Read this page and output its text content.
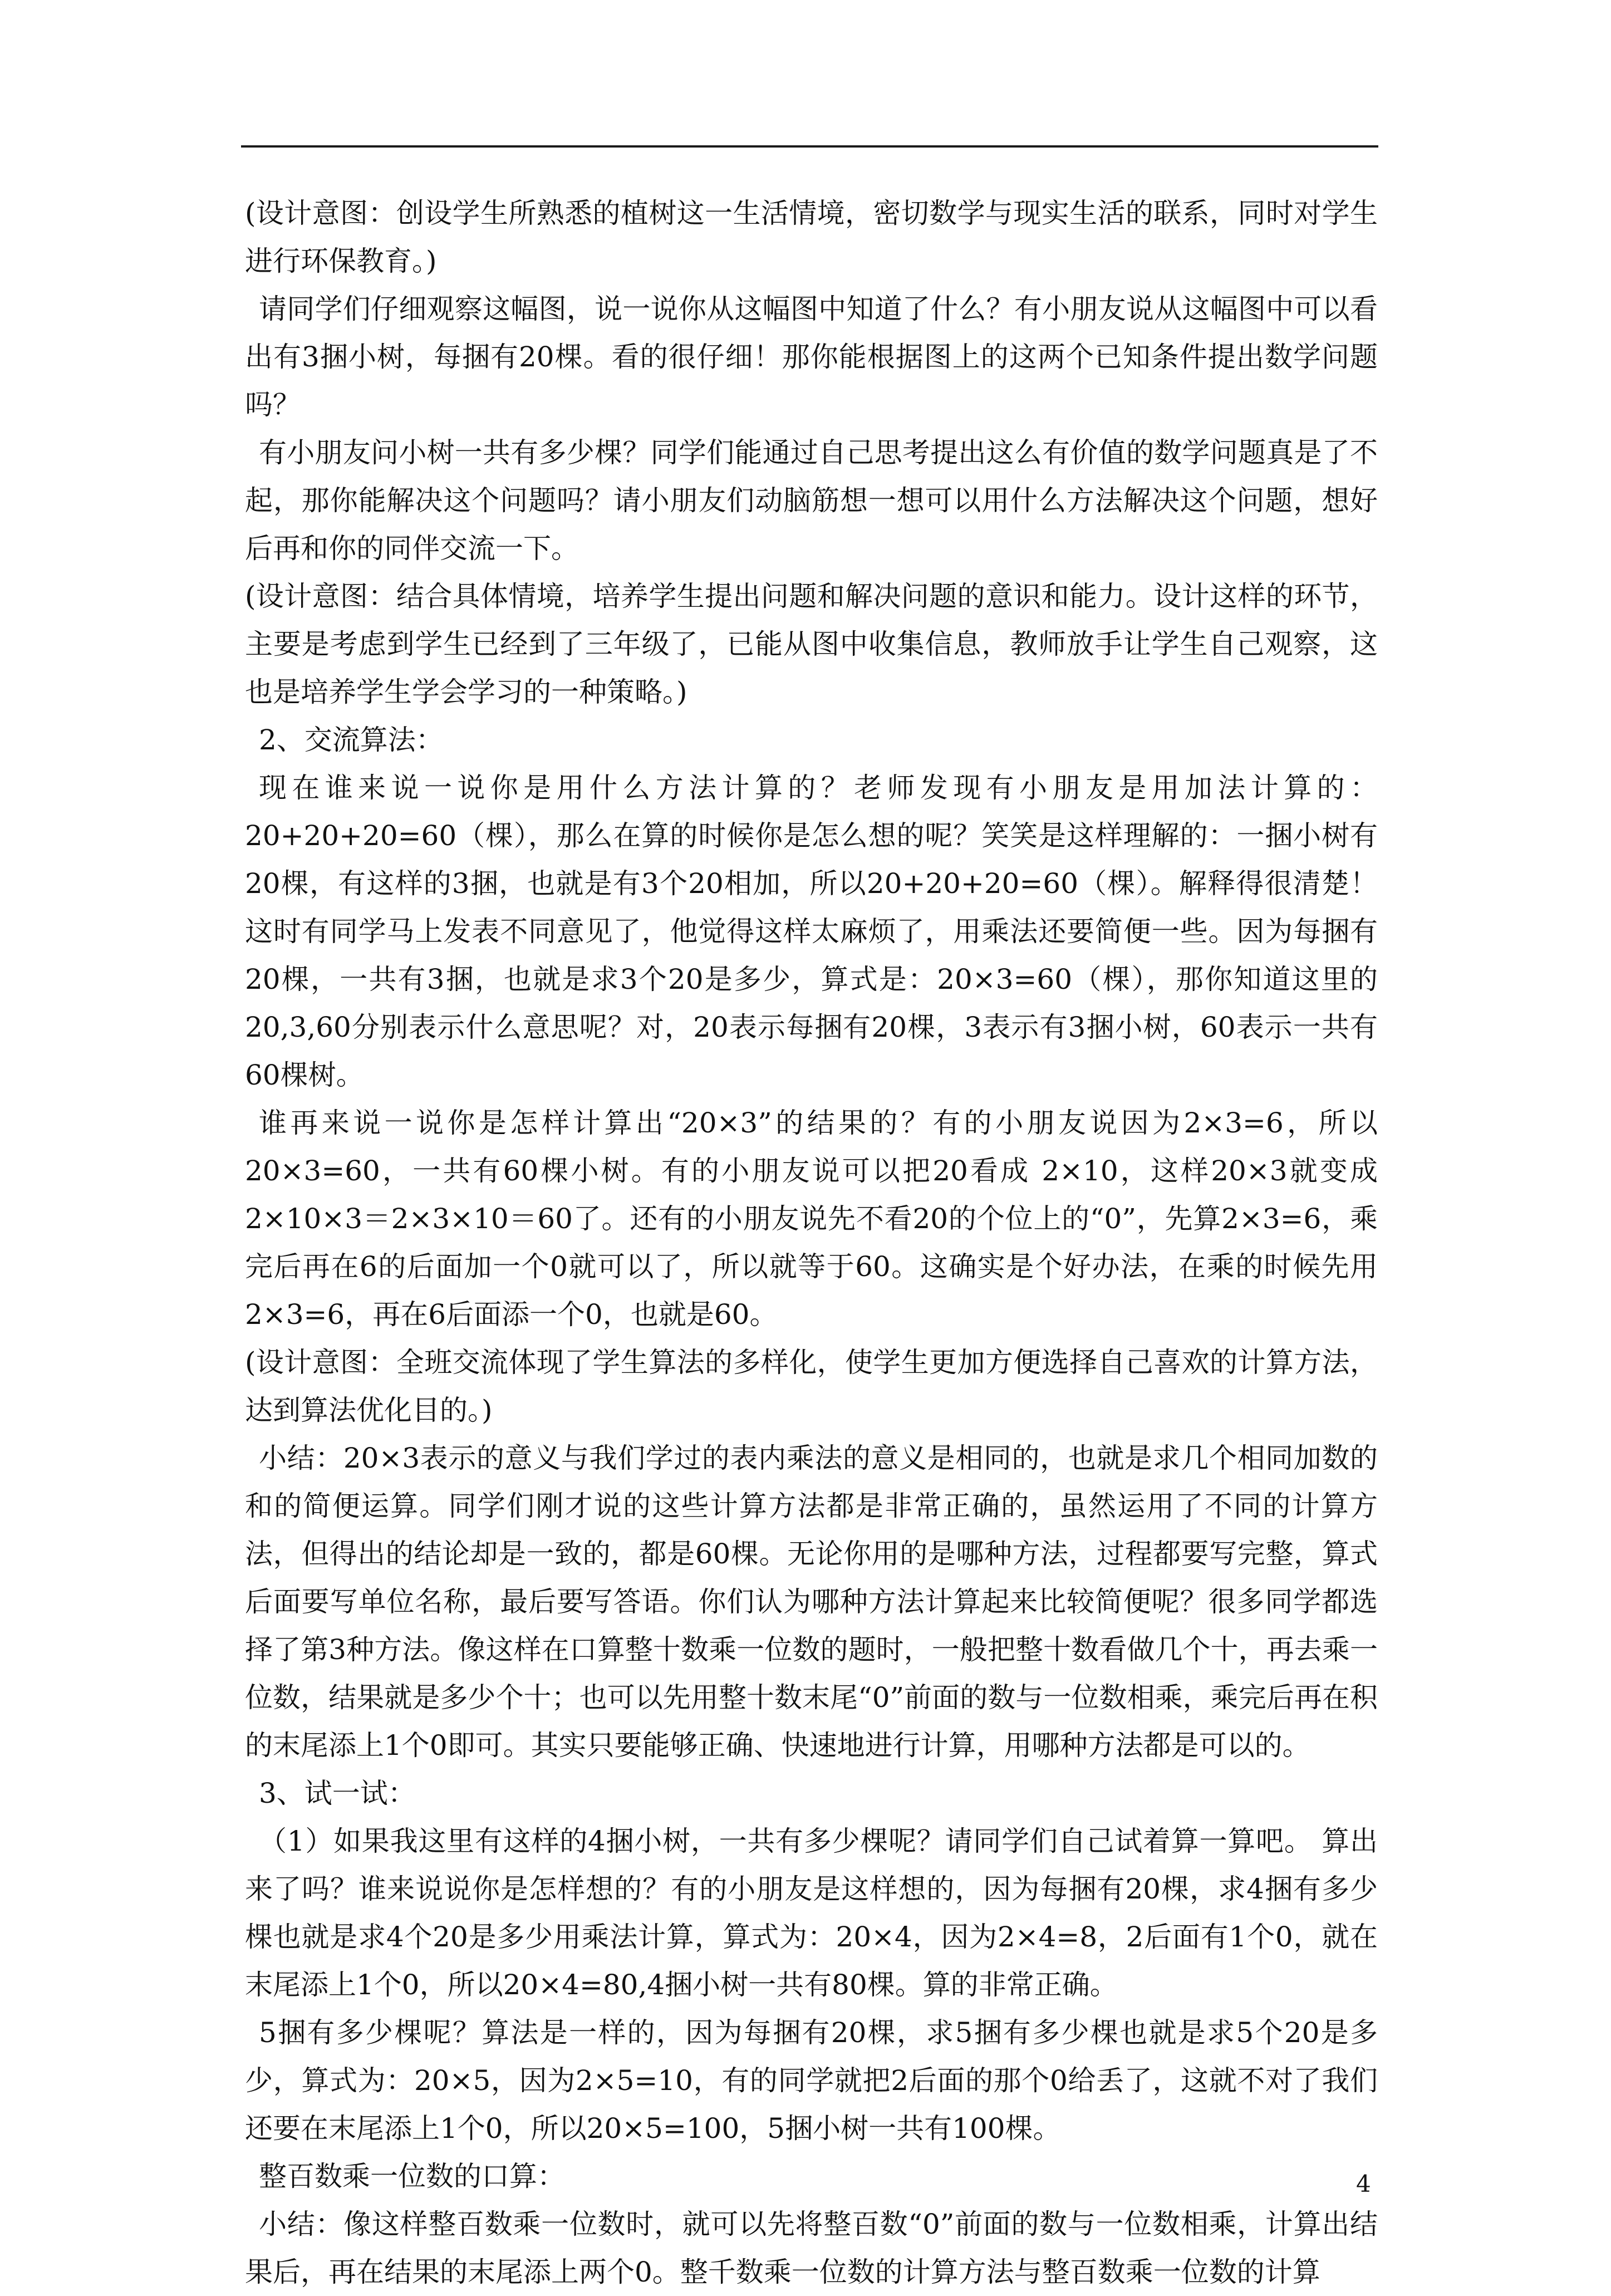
(设计意图：创设学生所熟悉的植树这一生活情境，密切数学与现实生活的联系，同时对学生进行环保教育。)

请同学们仔细观察这幅图，说一说你从这幅图中知道了什么？有小朋友说从这幅图中可以看出有3捆小树，每捆有20棵。看的很仔细！那你能根据图上的这两个已知条件提出数学问题吗？

有小朋友问小树一共有多少棵？同学们能通过自己思考提出这么有价值的数学问题真是了不起，那你能解决这个问题吗？请小朋友们动脑筋想一想可以用什么方法解决这个问题，想好后再和你的同伴交流一下。

(设计意图：结合具体情境，培养学生提出问题和解决问题的意识和能力。设计这样的环节，主要是考虑到学生已经到了三年级了，已能从图中收集信息，教师放手让学生自己观察，这也是培养学生学会学习的一种策略。)

2、交流算法：

现在谁来说一说你是用什么方法计算的？老师发现有小朋友是用加法计算的：20+20+20=60（棵），那么在算的时候你是怎么想的呢？笑笑是这样理解的：一捆小树有20棵，有这样的3捆，也就是有3个20相加，所以20+20+20=60（棵）。解释得很清楚！这时有同学马上发表不同意见了，他觉得这样太麻烦了，用乘法还要简便一些。因为每捆有20棵，一共有3捆，也就是求3个20是多少，算式是：20×3=60（棵），那你知道这里的20,3,60分别表示什么意思呢？对，20表示每捆有20棵，3表示有3捆小树，60表示一共有60棵树。

谁再来说一说你是怎样计算出“20×3”的结果的？有的小朋友说因为2×3=6，所以20×3=60，一共有60棵小树。有的小朋友说可以把20看成 2×10，这样20×3就变成2×10×3＝2×3×10＝60了。还有的小朋友说先不看20的个位上的“0”，先算2×3=6，乘完后再在6的后面加一个0就可以了，所以就等于60。这确实是个好办法，在乘的时候先用2×3=6，再在6后面添一个0，也就是60。

(设计意图：全班交流体现了学生算法的多样化，使学生更加方便选择自己喜欢的计算方法，达到算法优化目的。)

小结：20×3表示的意义与我们学过的表内乘法的意义是相同的，也就是求几个相同加数的和的简便运算。同学们刚才说的这些计算方法都是非常正确的，虽然运用了不同的计算方法，但得出的结论却是一致的，都是60棵。无论你用的是哪种方法，过程都要写完整，算式后面要写单位名称，最后要写答语。你们认为哪种方法计算起来比较简便呢？很多同学都选择了第3种方法。像这样在口算整十数乘一位数的题时，一般把整十数看做几个十，再去乘一位数，结果就是多少个十；也可以先用整十数末尾“0”前面的数与一位数相乘，乘完后再在积的末尾添上1个0即可。其实只要能够正确、快速地进行计算，用哪种方法都是可以的。

3、试一试：

（1）如果我这里有这样的4捆小树，一共有多少棵呢？请同学们自己试着算一算吧。 算出来了吗？谁来说说你是怎样想的？有的小朋友是这样想的，因为每捆有20棵，求4捆有多少棵也就是求4个20是多少用乘法计算，算式为：20×4，因为2×4=8，2后面有1个0，就在末尾添上1个0，所以20×4=80,4捆小树一共有80棵。算的非常正确。

5捆有多少棵呢？算法是一样的，因为每捆有20棵，求5捆有多少棵也就是求5个20是多少，算式为：20×5，因为2×5=10，有的同学就把2后面的那个0给丢了，这就不对了我们还要在末尾添上1个0，所以20×5=100，5捆小树一共有100棵。

整百数乘一位数的口算：

小结：像这样整百数乘一位数时，就可以先将整百数“0”前面的数与一位数相乘，计算出结果后，再在结果的末尾添上两个0。整千数乘一位数的计算方法与整百数乘一位数的计算

4
